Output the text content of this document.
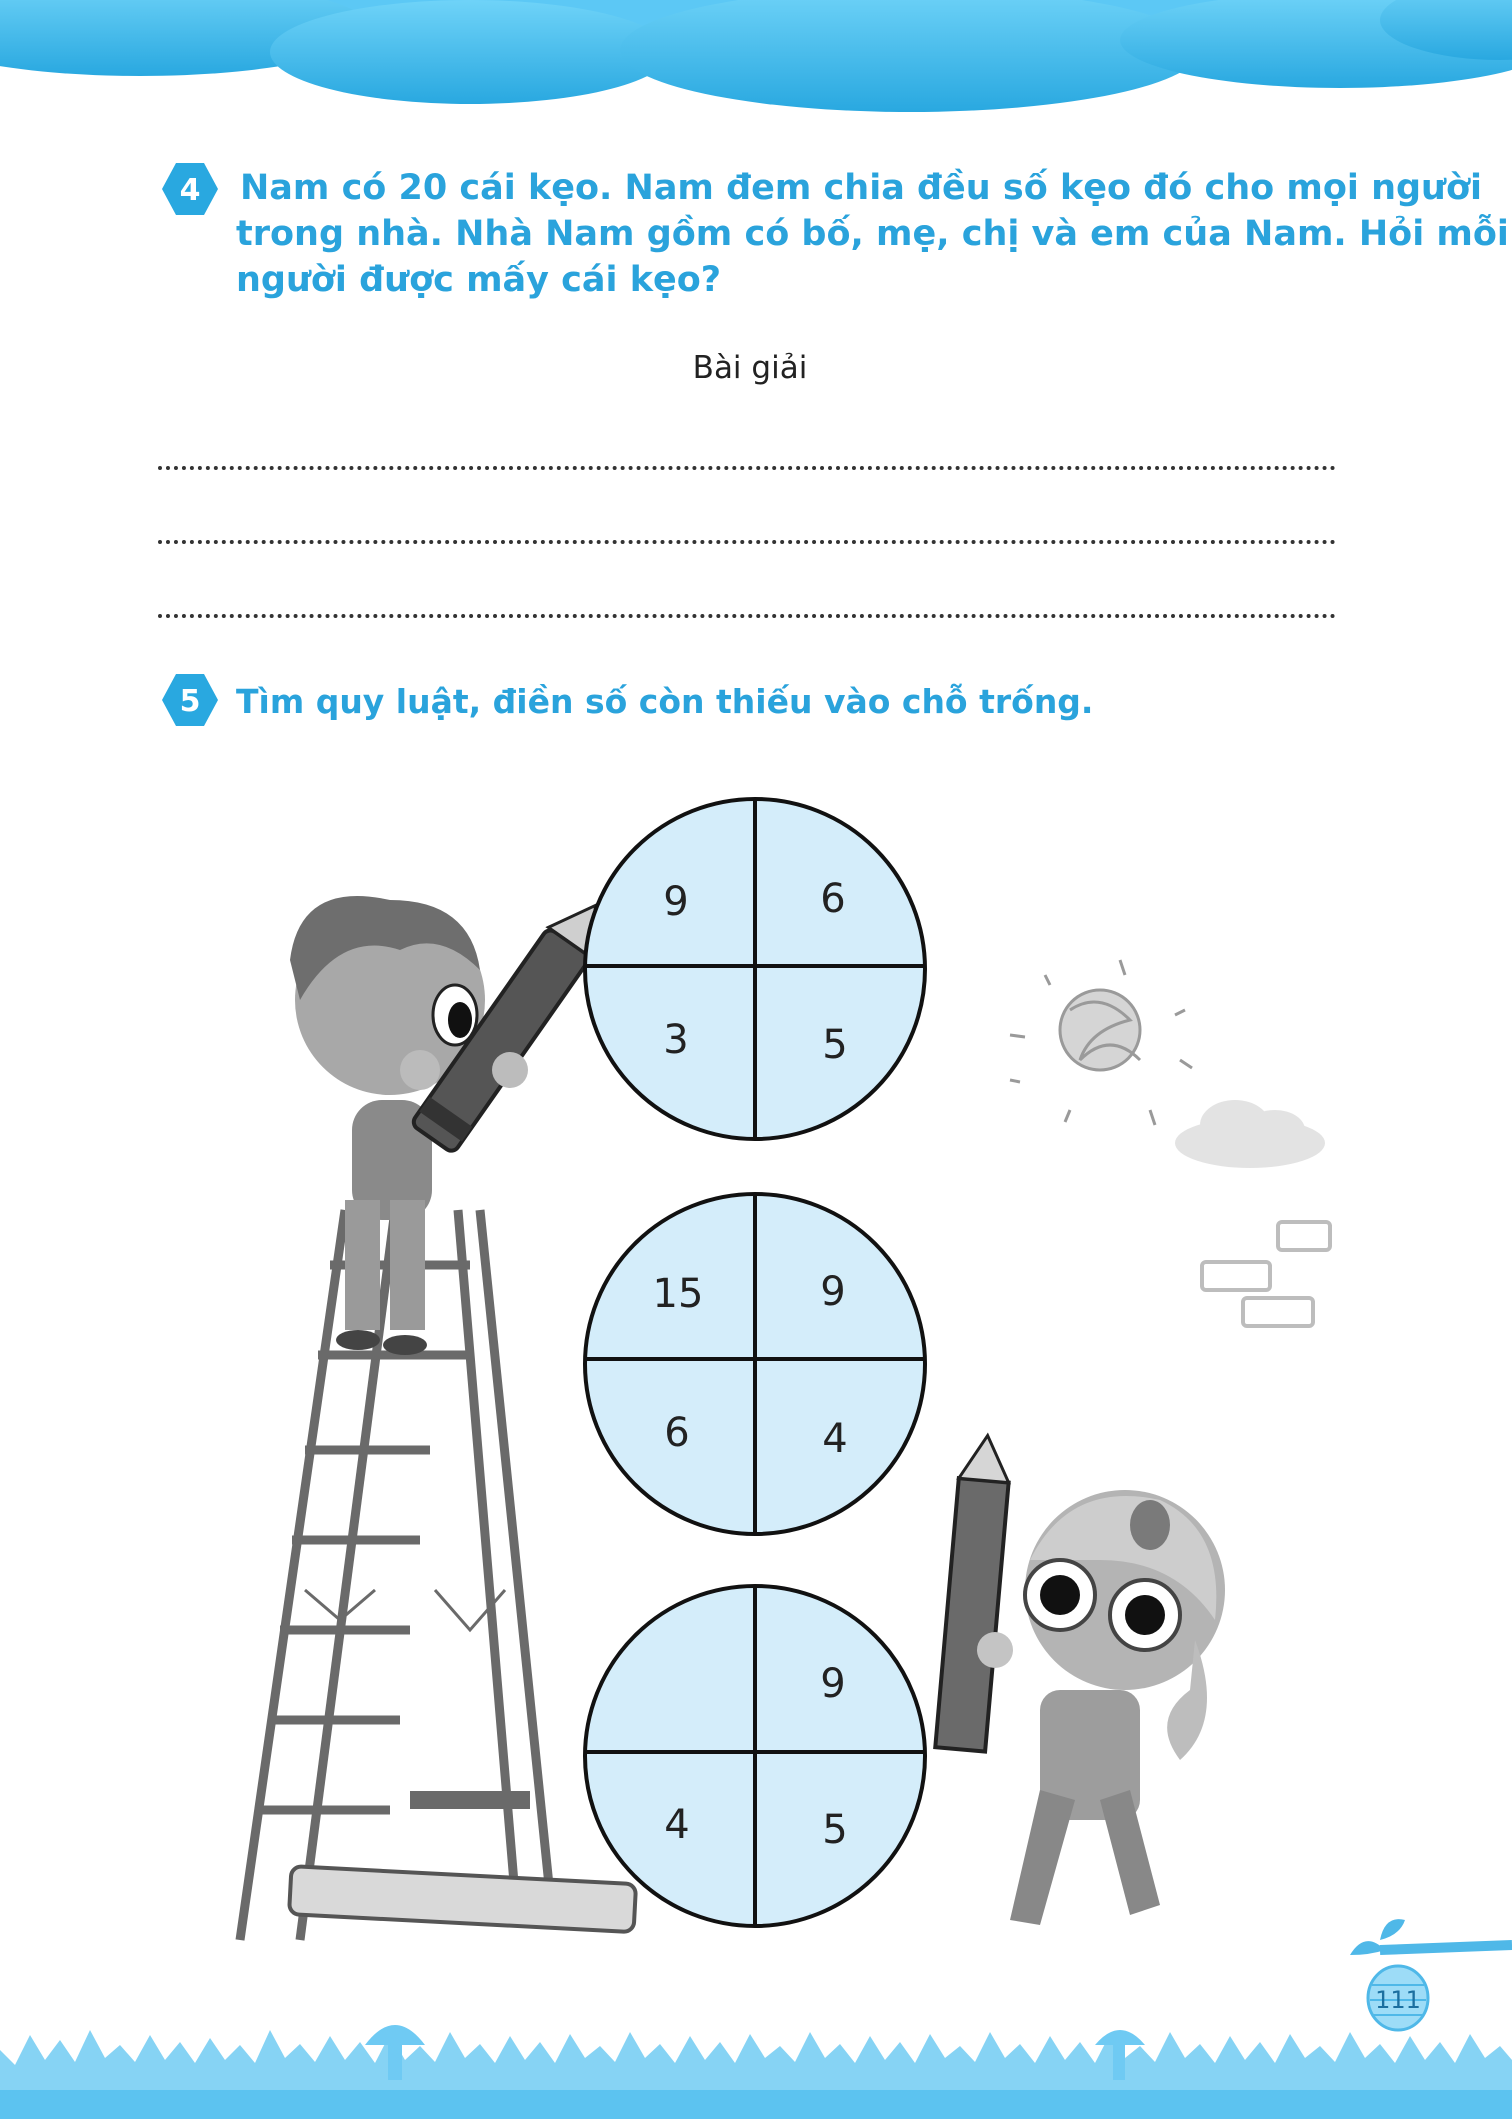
4 Nam có 20 cái kẹo. Nam đem chia đều số kẹo đó cho mọi người
trong nhà. Nhà Nam gồm có bố, mẹ, chị và em của Nam. Hỏi mỗi
người được mấy cái kẹo?
Bài giải
5 Tìm quy luật, điền số còn thiếu vào chỗ trống.
9	6
3	5
15	9
6	4
9
4	5
111
